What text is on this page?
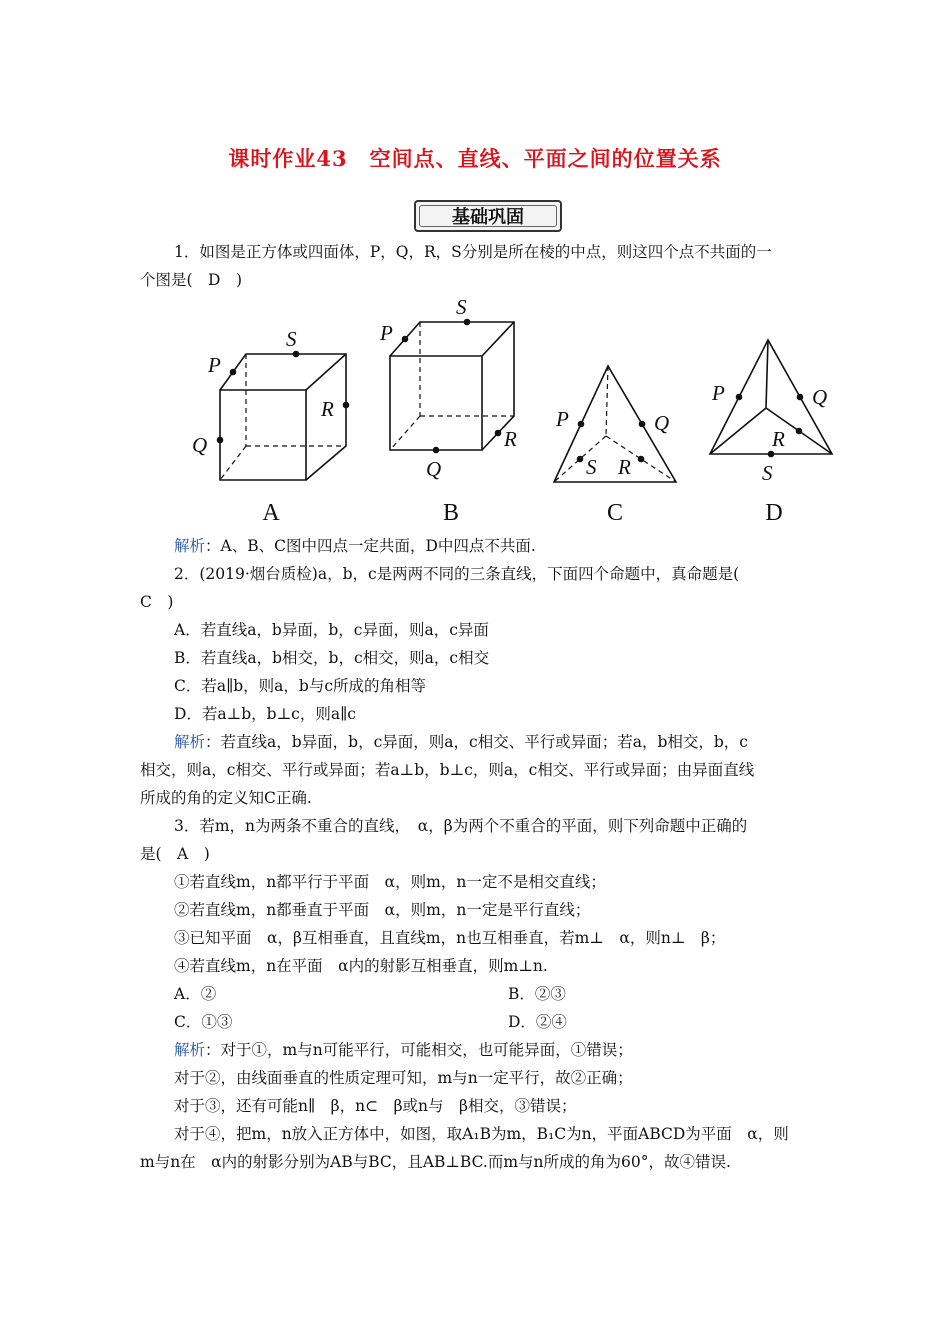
课时作业43　空间点、直线、平面之间的位置关系
基础巩固
1．如图是正方体或四面体，P，Q，R，S分别是所在棱的中点，则这四个点不共面的一
个图是(　D　)
P
S
R
Q
P
S
R
Q
P	Q
S R
P	Q
R
S
A	B	C	D
解析：A、B、C图中四点一定共面，D中四点不共面.
2．(2019·烟台质检)a，b，c是两两不同的三条直线，下面四个命题中，真命题是(
C　)
A．若直线a，b异面，b，c异面，则a，c异面
B．若直线a，b相交，b，c相交，则a，c相交
C．若a∥b，则a，b与c所成的角相等
D．若a⊥b，b⊥c，则a∥c
解析：若直线a，b异面，b，c异面，则a，c相交、平行或异面；若a，b相交，b，c
相交，则a，c相交、平行或异面；若a⊥b，b⊥c，则a，c相交、平行或异面；由异面直线
所成的角的定义知C正确.
3．若m，n为两条不重合的直线，　α，β为两个不重合的平面，则下列命题中正确的
是(　A　)
①若直线m，n都平行于平面　α，则m，n一定不是相交直线；
②若直线m，n都垂直于平面　α，则m，n一定是平行直线；
③已知平面　α，β互相垂直，且直线m，n也互相垂直，若m⊥　α，则n⊥　β；
④若直线m，n在平面　α内的射影互相垂直，则m⊥n.
A．②	B．②③
C．①③	D．②④
解析：对于①，m与n可能平行，可能相交，也可能异面，①错误；
对于②，由线面垂直的性质定理可知，m与n一定平行，故②正确；
对于③，还有可能n∥　β，n⊂　β或n与　β相交，③错误；
对于④，把m，n放入正方体中，如图，取A₁B为m，B₁C为n，平面ABCD为平面　α，则
m与n在　α内的射影分别为AB与BC，且AB⊥BC.而m与n所成的角为60°，故④错误.
